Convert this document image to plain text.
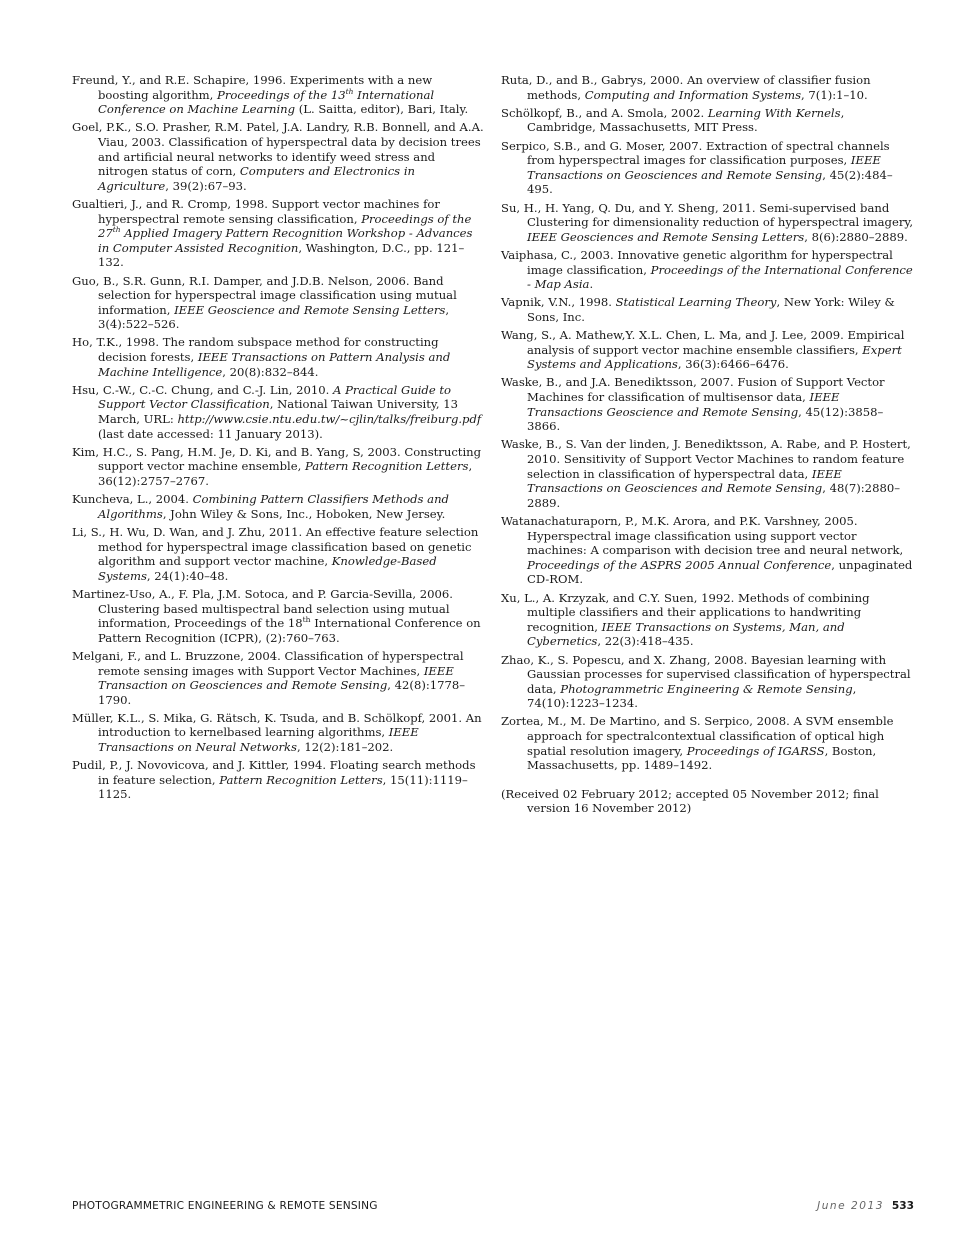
Freund, Y., and R.E. Schapire, 1996. Experiments with a new boosting algorithm, Proceedings of the 13th International Conference on Machine Learning (L. Saitta, editor), Bari, Italy.

Goel, P.K., S.O. Prasher, R.M. Patel, J.A. Landry, R.B. Bonnell, and A.A. Viau, 2003. Classification of hyperspectral data by decision trees and artificial neural networks to identify weed stress and nitrogen status of corn, Computers and Electronics in Agriculture, 39(2):67–93.

Gualtieri, J., and R. Cromp, 1998. Support vector machines for hyperspectral remote sensing classification, Proceedings of the 27th Applied Imagery Pattern Recognition Workshop - Advances in Computer Assisted Recognition, Washington, D.C., pp. 121–132.

Guo, B., S.R. Gunn, R.I. Damper, and J.D.B. Nelson, 2006. Band selection for hyperspectral image classification using mutual information, IEEE Geoscience and Remote Sensing Letters, 3(4):522–526.

Ho, T.K., 1998. The random subspace method for constructing decision forests, IEEE Transactions on Pattern Analysis and Machine Intelligence, 20(8):832–844.

Hsu, C.-W., C.-C. Chung, and C.-J. Lin, 2010. A Practical Guide to Support Vector Classification, National Taiwan University, 13 March, URL: http://www.csie.ntu.edu.tw/~cjlin/talks/freiburg.pdf (last date accessed: 11 January 2013).

Kim, H.C., S. Pang, H.M. Je, D. Ki, and B. Yang, S, 2003. Constructing support vector machine ensemble, Pattern Recognition Letters, 36(12):2757–2767.

Kuncheva, L., 2004. Combining Pattern Classifiers Methods and Algorithms, John Wiley & Sons, Inc., Hoboken, New Jersey.

Li, S., H. Wu, D. Wan, and J. Zhu, 2011. An effective feature selection method for hyperspectral image classification based on genetic algorithm and support vector machine, Knowledge-Based Systems, 24(1):40–48.

Martinez-Uso, A., F. Pla, J.M. Sotoca, and P. Garcia-Sevilla, 2006. Clustering based multispectral band selection using mutual information, Proceedings of the 18th International Conference on Pattern Recognition (ICPR), (2):760–763.

Melgani, F., and L. Bruzzone, 2004. Classification of hyperspectral remote sensing images with Support Vector Machines, IEEE Transaction on Geosciences and Remote Sensing, 42(8):1778–1790.

Müller, K.L., S. Mika, G. Rätsch, K. Tsuda, and B. Schölkopf, 2001. An introduction to kernelbased learning algorithms, IEEE Transactions on Neural Networks, 12(2):181–202.

Pudil, P., J. Novovicova, and J. Kittler, 1994. Floating search methods in feature selection, Pattern Recognition Letters, 15(11):1119–1125.

Ruta, D., and B., Gabrys, 2000. An overview of classifier fusion methods, Computing and Information Systems, 7(1):1–10.

Schölkopf, B., and A. Smola, 2002. Learning With Kernels, Cambridge, Massachusetts, MIT Press.

Serpico, S.B., and G. Moser, 2007. Extraction of spectral channels from hyperspectral images for classification purposes, IEEE Transactions on Geosciences and Remote Sensing, 45(2):484–495.

Su, H., H. Yang, Q. Du, and Y. Sheng, 2011. Semi-supervised band Clustering for dimensionality reduction of hyperspectral imagery, IEEE Geosciences and Remote Sensing Letters, 8(6):2880–2889.

Vaiphasa, C., 2003. Innovative genetic algorithm for hyperspectral image classification, Proceedings of the International Conference - Map Asia.

Vapnik, V.N., 1998. Statistical Learning Theory, New York: Wiley & Sons, Inc.

Wang, S., A. Mathew,Y. X.L. Chen, L. Ma, and J. Lee, 2009. Empirical analysis of support vector machine ensemble classifiers, Expert Systems and Applications, 36(3):6466–6476.

Waske, B., and J.A. Benediktsson, 2007. Fusion of Support Vector Machines for classification of multisensor data, IEEE Transactions Geoscience and Remote Sensing, 45(12):3858–3866.

Waske, B., S. Van der linden, J. Benediktsson, A. Rabe, and P. Hostert, 2010. Sensitivity of Support Vector Machines to random feature selection in classification of hyperspectral data, IEEE Transactions on Geosciences and Remote Sensing, 48(7):2880–2889.

Watanachaturaporn, P., M.K. Arora, and P.K. Varshney, 2005. Hyperspectral image classification using support vector machines: A comparison with decision tree and neural network, Proceedings of the ASPRS 2005 Annual Conference, unpaginated CD-ROM.

Xu, L., A. Krzyzak, and C.Y. Suen, 1992. Methods of combining multiple classifiers and their applications to handwriting recognition, IEEE Transactions on Systems, Man, and Cybernetics, 22(3):418–435.

Zhao, K., S. Popescu, and X. Zhang, 2008. Bayesian learning with Gaussian processes for supervised classification of hyperspectral data, Photogrammetric Engineering & Remote Sensing, 74(10):1223–1234.

Zortea, M., M. De Martino, and S. Serpico, 2008. A SVM ensemble approach for spectralcontextual classification of optical high spatial resolution imagery, Proceedings of IGARSS, Boston, Massachusetts, pp. 1489–1492.

(Received 02 February 2012; accepted 05 November 2012; final version 16 November 2012)

PHOTOGRAMMETRIC ENGINEERING & REMOTE SENSING	June 2013 533
